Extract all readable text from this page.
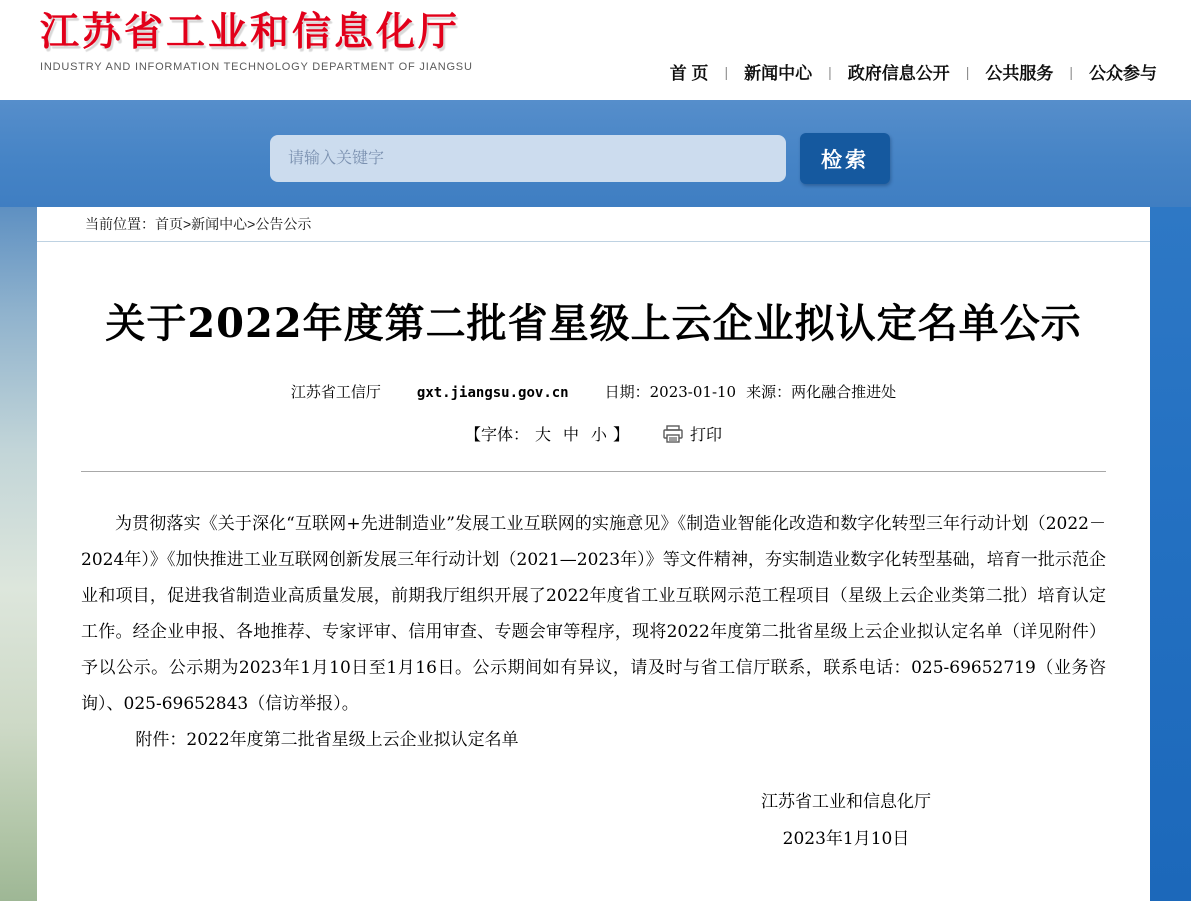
江苏省工业和信息化厅
INDUSTRY AND INFORMATION TECHNOLOGY DEPARTMENT OF JIANGSU	首 页 | 新闻中心 | 政府信息公开 | 公共服务 | 公众参与
请输入关键字
检索
当前位置：首页>新闻中心>公告公示
关于2022年度第二批省星级上云企业拟认定名单公示
江苏省工信厅	gxt.jiangsu.gov.cn 日期：2023-01-10 来源：两化融合推进处
【字体： 大 中 小 】	打印

为贯彻落实《关于深化“互联网+先进制造业”发展工业互联网的实施意见》《制造业智能化改造和数字化转型三年行动计划（2022－2024年）》《加快推进工业互联网创新发展三年行动计划（2021—2023年）》等文件精神，夯实制造业数字化转型基础，培育一批示范企业和项目，促进我省制造业高质量发展，前期我厅组织开展了2022年度省工业互联网示范工程项目（星级上云企业类第二批）培育认定工作。经企业申报、各地推荐、专家评审、信用审查、专题会审等程序，现将2022年度第二批省星级上云企业拟认定名单（详见附件）予以公示。公示期为2023年1月10日至1月16日。公示期间如有异议，请及时与省工信厅联系，联系电话：025-69652719（业务咨询）、025-69652843（信访举报）。

附件：2022年度第二批省星级上云企业拟认定名单

江苏省工业和信息化厅
2023年1月10日
